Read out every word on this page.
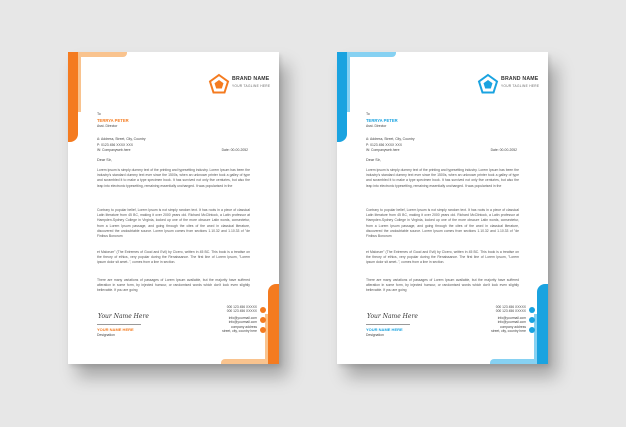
BRAND NAME
YOUR TAGLINE HERE
To
TERRYA PETER
Asst. Director
A: Address, Street, City, Country
P: 0123 456 XXXX XXX
W: Companyweb.here	Date: 00-00-2052
Dear Sir,
Lorem ipsum is simply dummy text of the printing and typesetting industry. Lorem Ipsum has been the industry's standard dummy text ever since the 1500s, when an unknown printer took a galley of type and scrambled it to make a type specimen book. It has survived not only five centuries, but also the leap into electronic typesetting, remaining essentially unchanged. It was popularised in the
Contrary to popular belief, Lorem Ipsum is not simply random text. It has roots in a piece of classical Latin literature from 45 BC, making it over 2000 years old. Richard McClintock, a Latin professor at Hampden-Sydney College in Virginia, looked up one of the more obscure Latin words, consectetur, from a Lorem Ipsum passage, and going through the cites of the word in classical literature, discovered the undoubtable source. Lorem Ipsum comes from sections 1.10.32 and 1.10.33 of "de Finibus Bonorum
et Malorum" (The Extremes of Good and Evil) by Cicero, written in 45 BC. This book is a treatise on the theory of ethics, very popular during the Renaissance. The first line of Lorem Ipsum, "Lorem ipsum dolor sit amet..", comes from a line in section.
There are many variations of passages of Lorem Ipsum available, but the majority have suffered alteration in some form, by injected humour, or randomised words which don't look even slightly believable. If you are going
Your Name Here
YOUR NAME HERE
Designation
000 123 456 XXXXX
000 123 456 XXXXX
info@yourmail.com
info@yourmail.com
company address
street, city, country here
BRAND NAME
YOUR TAGLINE HERE
To
TERRYA PETER
Asst. Director
A: Address, Street, City, Country
P: 0123 456 XXXX XXX
W: Companyweb.here	Date: 00-00-2052
Dear Sir,
Lorem ipsum is simply dummy text of the printing and typesetting industry. Lorem Ipsum has been the industry's standard dummy text ever since the 1500s, when an unknown printer took a galley of type and scrambled it to make a type specimen book. It has survived not only five centuries, but also the leap into electronic typesetting, remaining essentially unchanged. It was popularised in the
Contrary to popular belief, Lorem Ipsum is not simply random text. It has roots in a piece of classical Latin literature from 45 BC, making it over 2000 years old. Richard McClintock, a Latin professor at Hampden-Sydney College in Virginia, looked up one of the more obscure Latin words, consectetur, from a Lorem Ipsum passage, and going through the cites of the word in classical literature, discovered the undoubtable source. Lorem Ipsum comes from sections 1.10.32 and 1.10.33 of "de Finibus Bonorum
et Malorum" (The Extremes of Good and Evil) by Cicero, written in 45 BC. This book is a treatise on the theory of ethics, very popular during the Renaissance. The first line of Lorem Ipsum, "Lorem ipsum dolor sit amet..", comes from a line in section.
There are many variations of passages of Lorem Ipsum available, but the majority have suffered alteration in some form, by injected humour, or randomised words which don't look even slightly believable. If you are going
Your Name Here
YOUR NAME HERE
Designation
000 123 456 XXXXX
000 123 456 XXXXX
info@yourmail.com
info@yourmail.com
company address
street, city, country here
